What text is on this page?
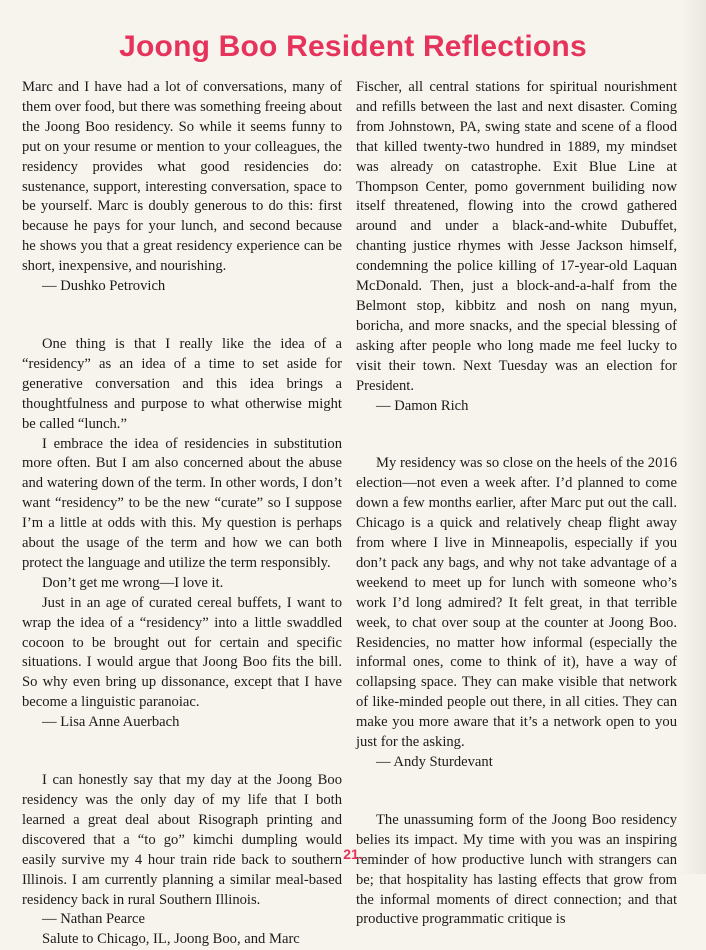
Joong Boo Resident Reflections

Marc and I have had a lot of conversations, many of them over food, but there was something freeing about the Joong Boo residency. So while it seems funny to put on your resume or mention to your colleagues, the residency provides what good residencies do: sustenance, support, interesting conversation, space to be yourself. Marc is doubly generous to do this: first because he pays for your lunch, and second because he shows you that a great residency experience can be short, inexpensive, and nourishing.

— Dushko Petrovich

One thing is that I really like the idea of a “residency” as an idea of a time to set aside for generative conversation and this idea brings a thoughtfulness and purpose to what otherwise might be called “lunch.”

I embrace the idea of residencies in substitution more often. But I am also concerned about the abuse and watering down of the term. In other words, I don’t want “residency” to be the new “curate” so I suppose I’m a little at odds with this. My question is perhaps about the usage of the term and how we can both protect the language and utilize the term responsibly.

Don’t get me wrong—I love it.

Just in an age of curated cereal buffets, I want to wrap the idea of a “residency” into a little swaddled cocoon to be brought out for certain and specific situations. I would argue that Joong Boo fits the bill. So why even bring up dissonance, except that I have become a linguistic paranoiac.

— Lisa Anne Auerbach

I can honestly say that my day at the Joong Boo residency was the only day of my life that I both learned a great deal about Risograph printing and discovered that a “to go” kimchi dumpling would easily survive my 4 hour train ride back to southern Illinois. I am currently planning a similar meal-based residency back in rural Southern Illinois.

— Nathan Pearce

Salute to Chicago, IL, Joong Boo, and Marc

Fischer, all central stations for spiritual nourishment and refills between the last and next disaster. Coming from Johnstown, PA, swing state and scene of a flood that killed twenty-two hundred in 1889, my mindset was already on catastrophe. Exit Blue Line at Thompson Center, pomo government builiding now itself threatened, flowing into the crowd gathered around and under a black-and-white Dubuffet, chanting justice rhymes with Jesse Jackson himself, condemning the police killing of 17-year-old Laquan McDonald. Then, just a block-and-a-half from the Belmont stop, kibbitz and nosh on nang myun, boricha, and more snacks, and the special blessing of asking after people who long made me feel lucky to visit their town. Next Tuesday was an election for President.

— Damon Rich

My residency was so close on the heels of the 2016 election—not even a week after. I’d planned to come down a few months earlier, after Marc put out the call. Chicago is a quick and relatively cheap flight away from where I live in Minneapolis, especially if you don’t pack any bags, and why not take advantage of a weekend to meet up for lunch with someone who’s work I’d long admired? It felt great, in that terrible week, to chat over soup at the counter at Joong Boo. Residencies, no matter how informal (especially the informal ones, come to think of it), have a way of collapsing space. They can make visible that network of like-minded people out there, in all cities. They can make you more aware that it’s a network open to you just for the asking.

— Andy Sturdevant

The unassuming form of the Joong Boo residency belies its impact. My time with you was an inspiring reminder of how productive lunch with strangers can be; that hospitality has lasting effects that grow from the informal moments of direct connection; and that productive programmatic critique is

21.
